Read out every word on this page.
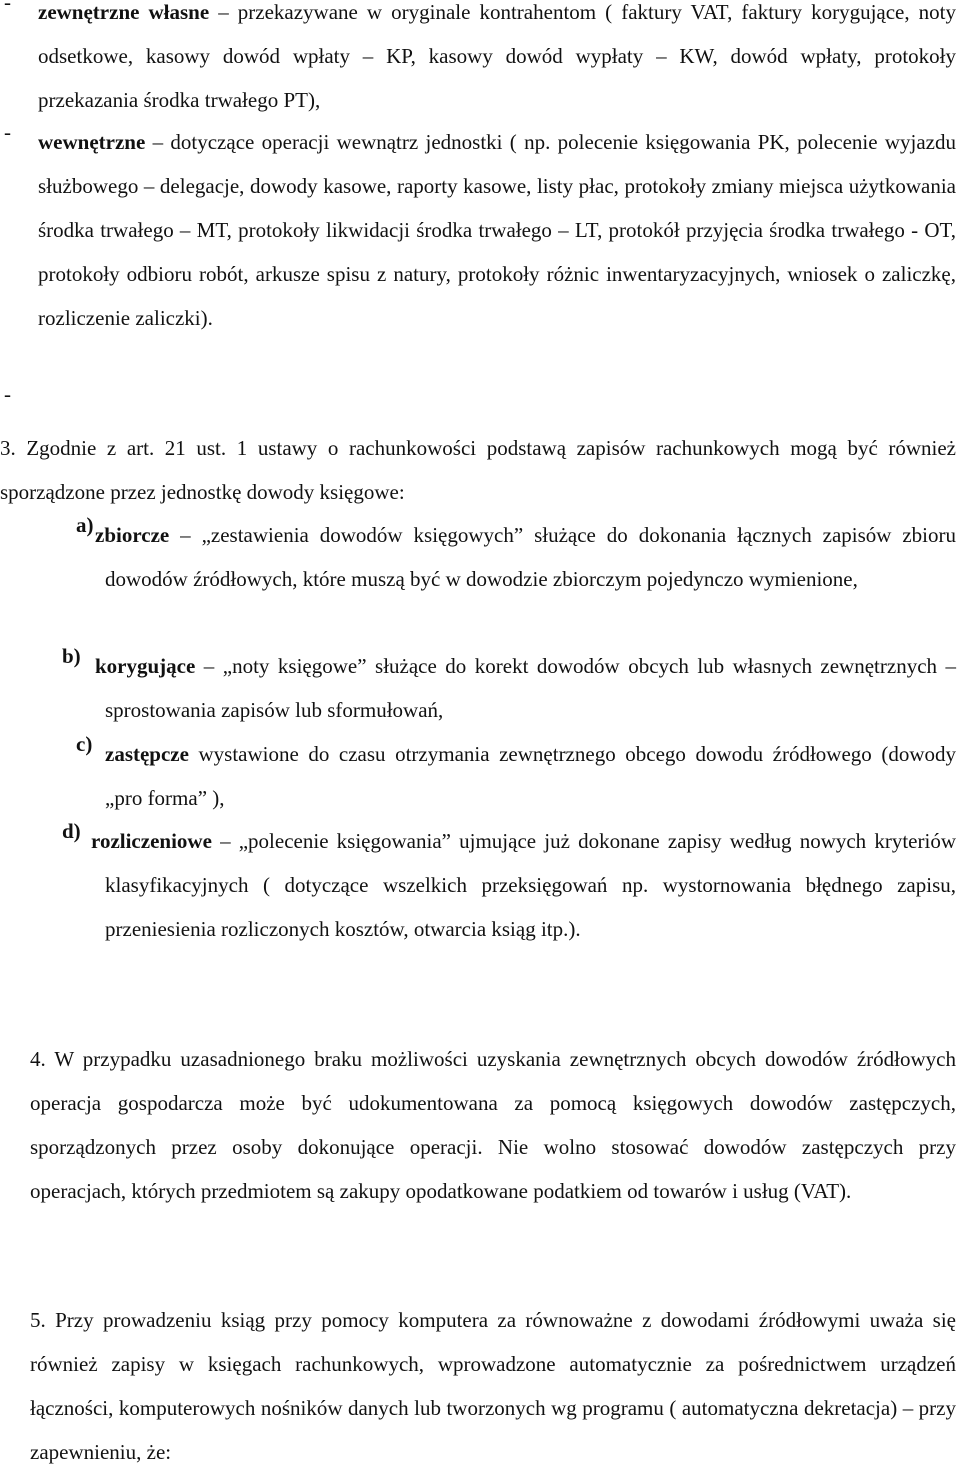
- zewnętrzne własne – przekazywane w oryginale kontrahentom ( faktury VAT, faktury korygujące, noty odsetkowe, kasowy dowód wpłaty – KP, kasowy dowód wypłaty – KW, dowód wpłaty, protokoły przekazania środka trwałego PT),
- wewnętrzne – dotyczące operacji wewnątrz jednostki ( np. polecenie księgowania PK, polecenie wyjazdu służbowego – delegacje, dowody kasowe, raporty kasowe, listy płac, protokoły zmiany miejsca użytkowania środka trwałego – MT, protokoły likwidacji środka trwałego – LT, protokół przyjęcia środka trwałego - OT, protokoły odbioru robót, arkusze spisu z natury, protokoły różnic inwentaryzacyjnych, wniosek o zaliczkę, rozliczenie zaliczki).
-
3. Zgodnie z art. 21 ust. 1 ustawy o rachunkowości podstawą zapisów rachunkowych mogą być również sporządzone przez jednostkę dowody księgowe:
a) zbiorcze – „zestawienia dowodów księgowych” służące do dokonania łącznych zapisów zbioru dowodów źródłowych, które muszą być w dowodzie zbiorczym pojedynczo wymienione,
b) korygujące – „noty księgowe” służące do korekt dowodów obcych lub własnych zewnętrznych – sprostowania zapisów lub sformułowań,
c) zastępcze wystawione do czasu otrzymania zewnętrznego obcego dowodu źródłowego (dowody „pro forma” ),
d) rozliczeniowe – „polecenie księgowania” ujmujące już dokonane zapisy według nowych kryteriów klasyfikacyjnych ( dotyczące wszelkich przeksięgowań np. wystornowania błędnego zapisu, przeniesienia rozliczonych kosztów, otwarcia ksiąg itp.).
4. W przypadku uzasadnionego braku możliwości uzyskania zewnętrznych obcych dowodów źródłowych operacja gospodarcza może być udokumentowana za pomocą księgowych dowodów zastępczych, sporządzonych przez osoby dokonujące operacji. Nie wolno stosować dowodów zastępczych przy operacjach, których przedmiotem są zakupy opodatkowane podatkiem od towarów i usług (VAT).
5. Przy prowadzeniu ksiąg przy pomocy komputera za równoważne z dowodami źródłowymi uważa się również zapisy w księgach rachunkowych, wprowadzone automatycznie za pośrednictwem urządzeń łączności, komputerowych nośników danych lub tworzonych wg programu ( automatyczna dekretacja) – przy zapewnieniu, że:
